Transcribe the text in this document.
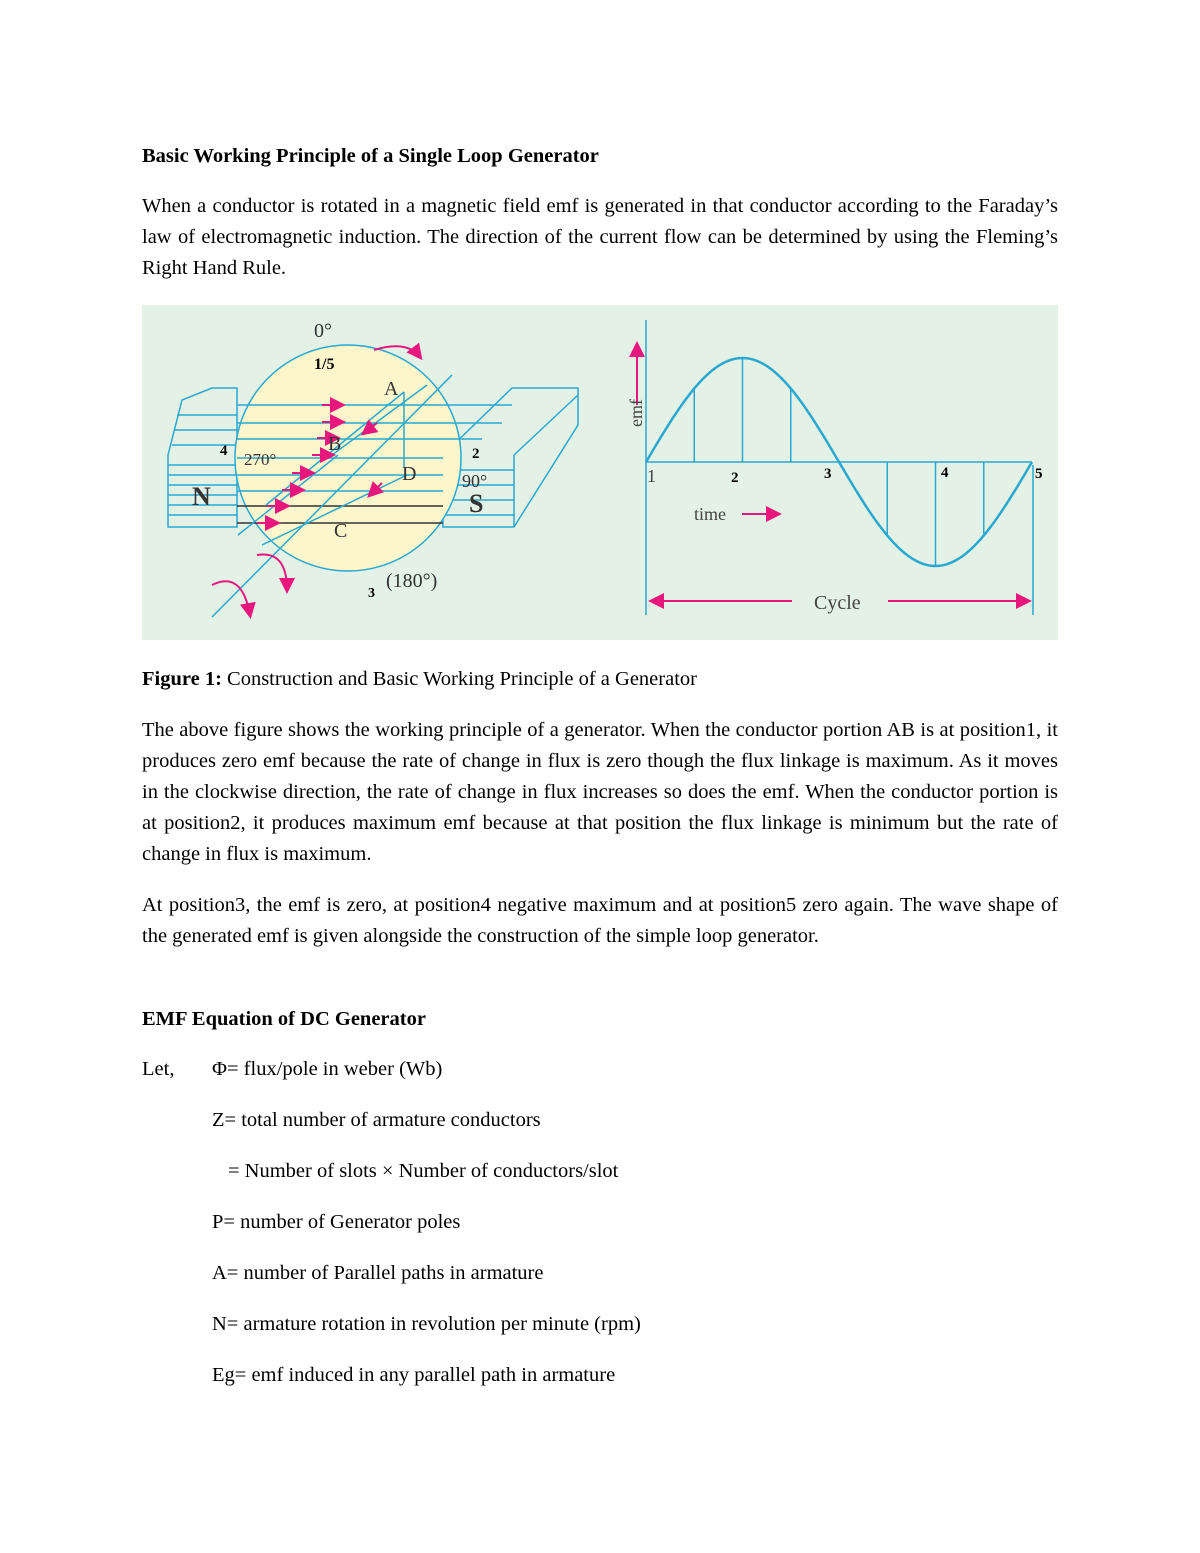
Basic Working Principle of a Single Loop Generator

When a conductor is rotated in a magnetic field emf is generated in that conductor according to the Faraday’s law of electromagnetic induction. The direction of the current flow can be determined by using the Fleming’s Right Hand Rule.

0°
1/5
A
B
C
D
4 270°	2
90°
N	S
3
(180°)
emf
time
Cycle
1	2	3	4	5

Figure 1: Construction and Basic Working Principle of a Generator

The above figure shows the working principle of a generator. When the conductor portion AB is at position1, it produces zero emf because the rate of change in flux is zero though the flux linkage is maximum. As it moves in the clockwise direction, the rate of change in flux increases so does the emf. When the conductor portion is at position2, it produces maximum emf because at that position the flux linkage is minimum but the rate of change in flux is maximum.

At position3, the emf is zero, at position4 negative maximum and at position5 zero again. The wave shape of the generated emf is given alongside the construction of the simple loop generator.

EMF Equation of DC Generator
Let,	Φ= flux/pole in weber (Wb)
Z= total number of armature conductors
= Number of slots × Number of conductors/slot
P= number of Generator poles
A= number of Parallel paths in armature
N= armature rotation in revolution per minute (rpm)
Eg= emf induced in any parallel path in armature
